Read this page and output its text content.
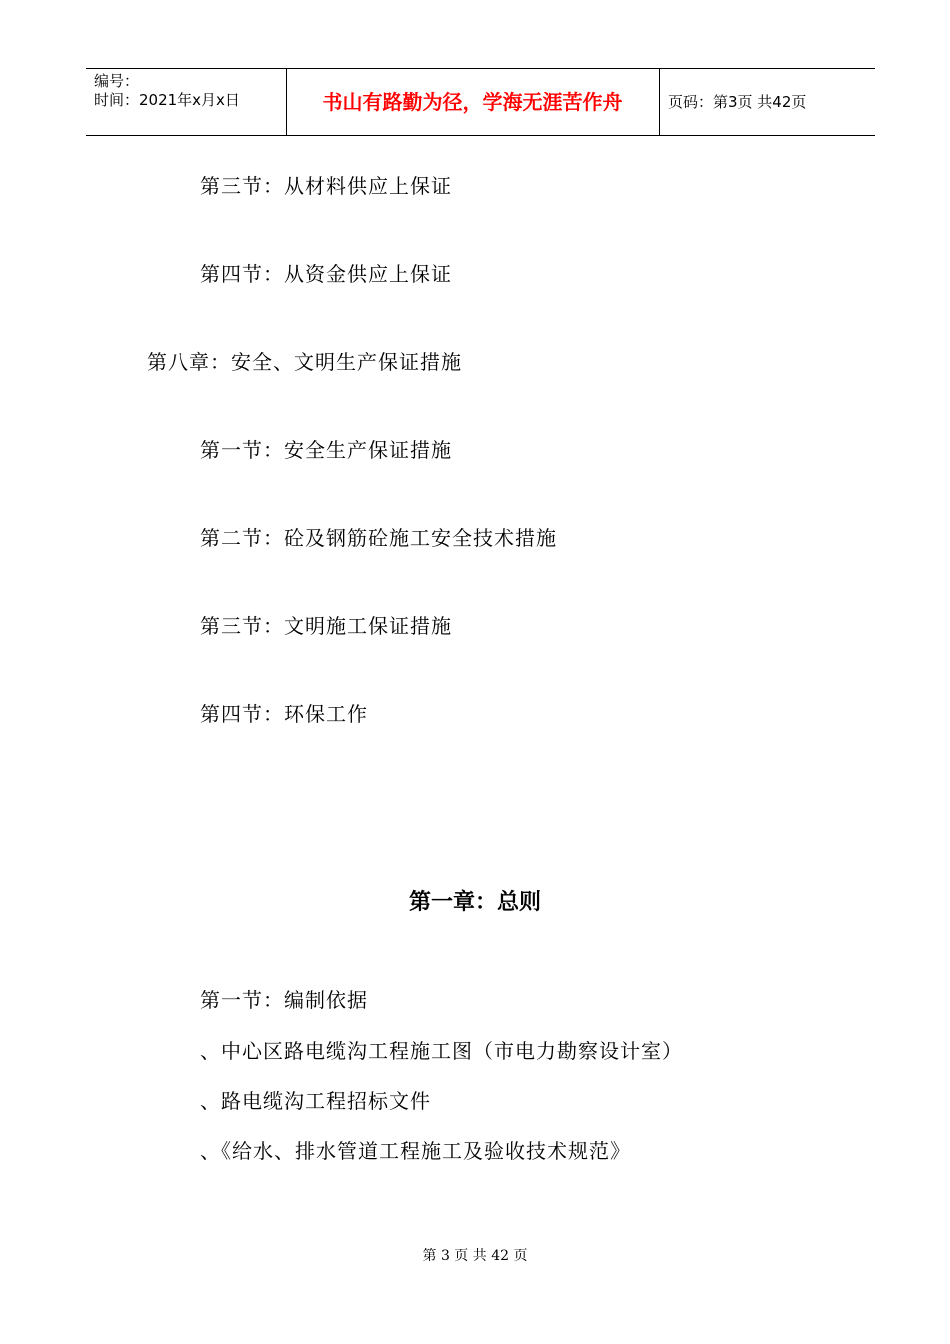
编号：
时间：2021年x月x日	书山有路勤为径，学海无涯苦作舟	页码：第3页 共42页
第三节：从材料供应上保证
第四节：从资金供应上保证
第八章：安全、文明生产保证措施
第一节：安全生产保证措施
第二节：砼及钢筋砼施工安全技术措施
第三节：文明施工保证措施
第四节：环保工作
第一章：总则
第一节：编制依据
、中心区路电缆沟工程施工图（市电力勘察设计室）
、路电缆沟工程招标文件
、《给水、排水管道工程施工及验收技术规范》
第 3 页 共 42 页
